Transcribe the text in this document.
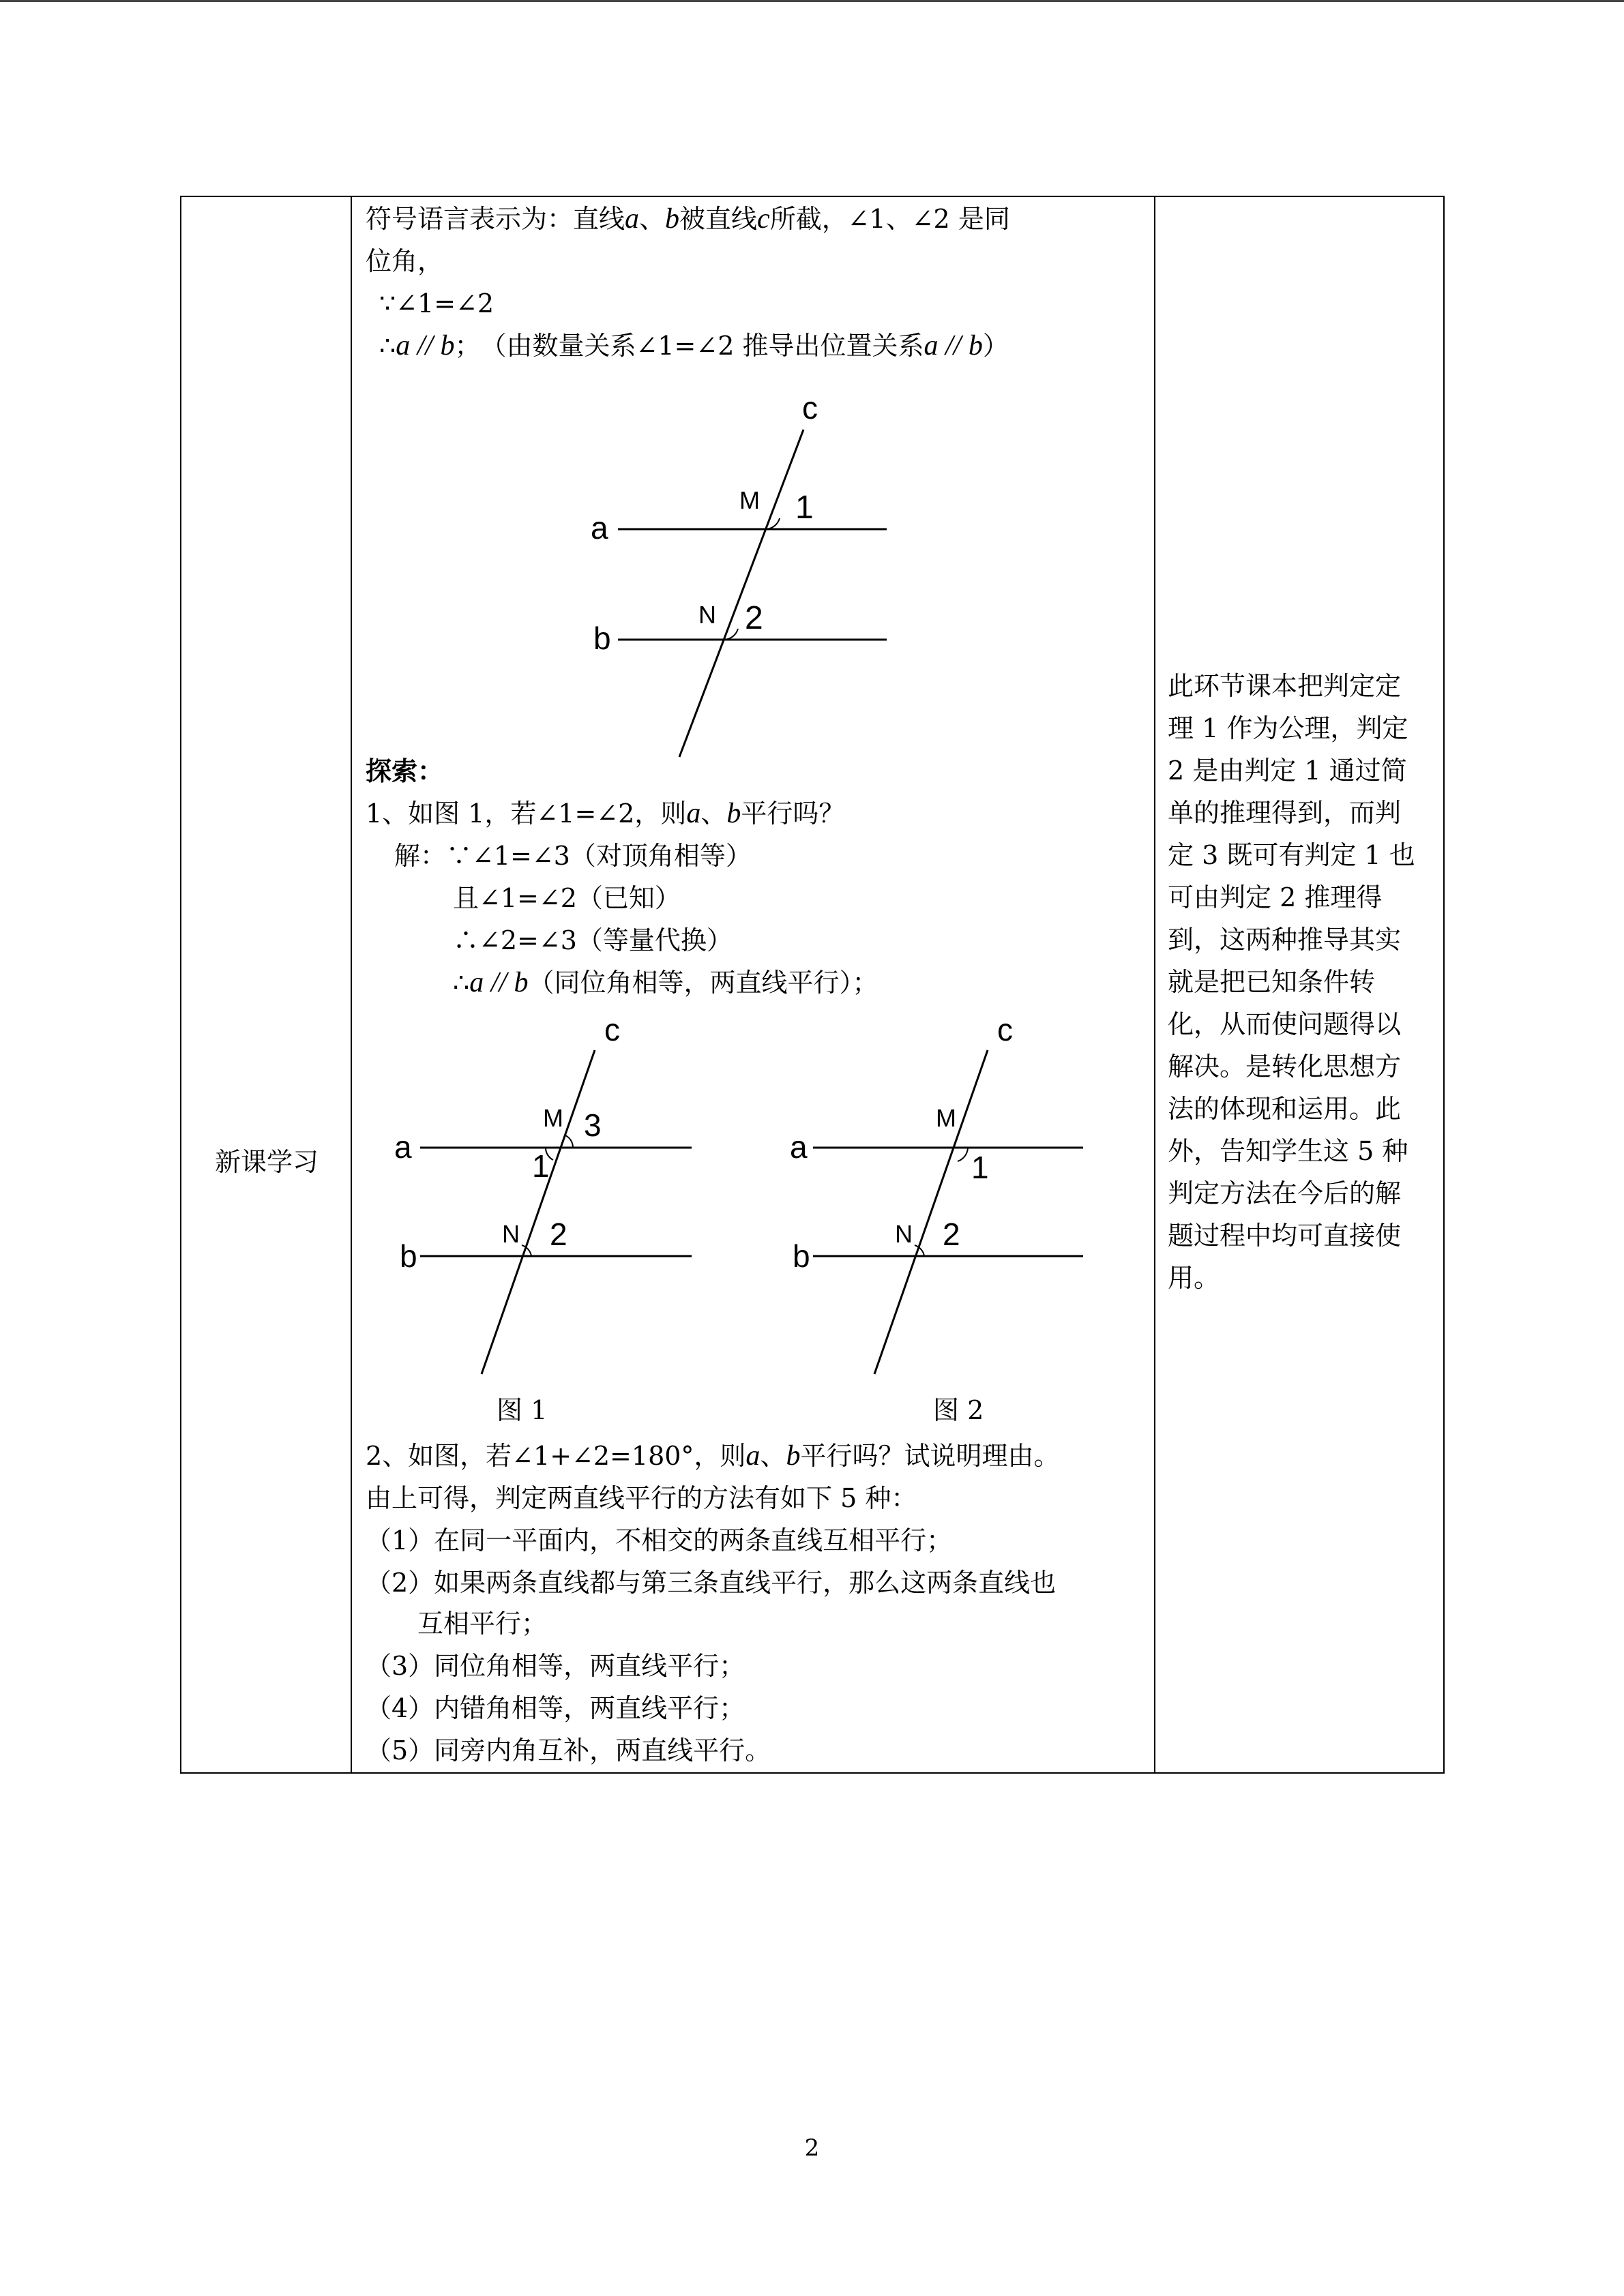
新课学习
符号语言表示为：直线a、b被直线c所截，∠1、∠2 是同
位角，
∵∠1=∠2
∴a // b；　（由数量关系∠1=∠2 推导出位置关系a // b）
a
b
c
M
N
1
2
探索：
1、如图 1，若∠1=∠2，则a、b平行吗？
解：∵∠1=∠3（对顶角相等）
且∠1=∠2（已知）
∴∠2=∠3（等量代换）
∴a // b（同位角相等，两直线平行）；
a
b
c
M
N
3
1
2
a
b
c
M
N
1
2
图 1	图 2
2、如图，若∠1+∠2=180°，则a、b平行吗？试说明理由。
由上可得，判定两直线平行的方法有如下 5 种：
（1）在同一平面内，不相交的两条直线互相平行；
（2）如果两条直线都与第三条直线平行，那么这两条直线也
　　互相平行；
（3）同位角相等，两直线平行；
（4）内错角相等，两直线平行；
（5）同旁内角互补，两直线平行。
此环节课本把判定定
理 1 作为公理，判定
2 是由判定 1 通过简
单的推理得到，而判
定 3 既可有判定 1 也
可由判定 2 推理得
到，这两种推导其实
就是把已知条件转
化，从而使问题得以
解决。是转化思想方
法的体现和运用。此
外，告知学生这 5 种
判定方法在今后的解
题过程中均可直接使
用。
2
